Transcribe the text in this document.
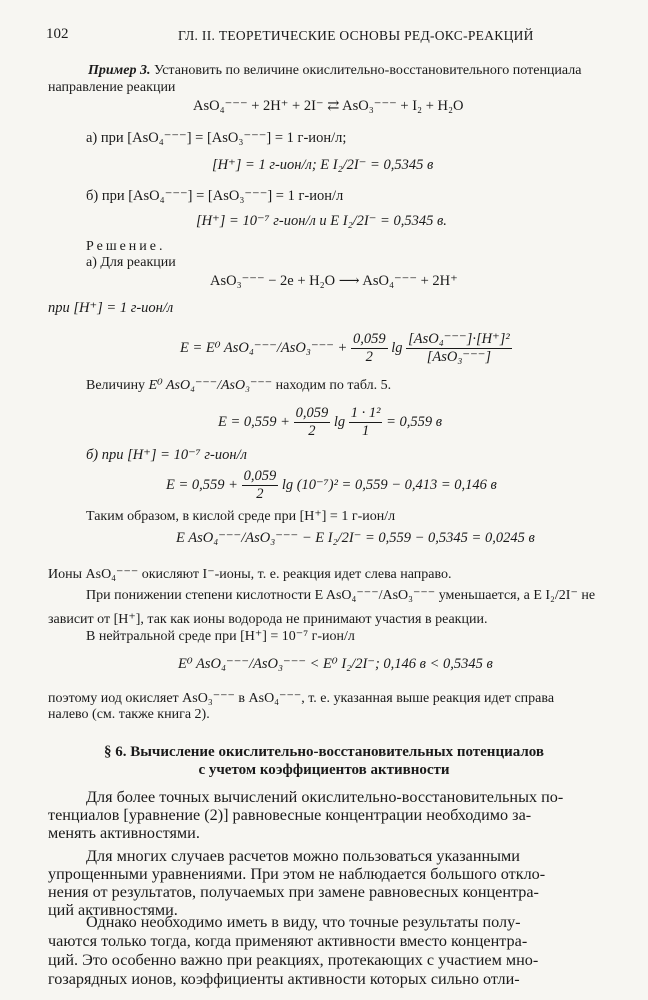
102	ГЛ. II. ТЕОРЕТИЧЕСКИЕ ОСНОВЫ РЕД-ОКС-РЕАКЦИЙ
Пример 3. Установить по величине окислительно-восстановительного потенциала
направление реакции
AsO₄⁻⁻⁻ + 2H⁺ + 2I⁻ ⇄ AsO₃⁻⁻⁻ + I₂ + H₂O
а) при [AsO₄⁻⁻⁻] = [AsO₃⁻⁻⁻] = 1 г-ион/л;
[H⁺] = 1 г-ион/л; E I₂/2I⁻ = 0,5345 в
б) при [AsO₄⁻⁻⁻] = [AsO₃⁻⁻⁻] = 1 г-ион/л
[H⁺] = 10⁻⁷ г-ион/л и E I₂/2I⁻ = 0,5345 в.
Решение.
а) Для реакции
AsO₃⁻⁻⁻ − 2e + H₂O ⟶ AsO₄⁻⁻⁻ + 2H⁺
при [H⁺] = 1 г-ион/л
E = E⁰ $AsO_4^{---}/AsO_3^{---} + \frac{0,059}{2}$ $\lg \frac{\text{[AsO₄⁻⁻⁻]·[H⁺]²}}{\text{[AsO₃⁻⁻⁻]}}$
Величину E⁰ AsO₄⁻⁻⁻/AsO₃⁻⁻⁻ находим по табл. 5.
$E = 0,559 + \frac{0,059}{2}$ $\lg \frac{\text{1 · 1²}}{1} = 0,559$ в
б) при [H⁺] = 10⁻⁷ г-ион/л
$E = 0,559 + \frac{0,059}{2}$ lg (10⁻⁷)² = 0,559 − 0,413 = 0,146 в
Таким образом, в кислой среде при [H⁺] = 1 г-ион/л
E AsO₄⁻⁻⁻/AsO₃⁻⁻⁻ − E I₂/2I⁻ = 0,559 − 0,5345 = 0,0245 в
Ионы AsO₄⁻⁻⁻ окисляют I⁻-ионы, т. е. реакция идет слева направо.
При понижении степени кислотности E AsO₄⁻⁻⁻/AsO₃⁻⁻⁻ уменьшается, а E I₂/2I⁻ не
зависит от [H⁺], так как ионы водорода не принимают участия в реакции.
В нейтральной среде при [H⁺] = 10⁻⁷ г-ион/л
E⁰ AsO₄⁻⁻⁻/AsO₃⁻⁻⁻ < E⁰ I₂/2I⁻; 0,146 в < 0,5345 в
поэтому иод окисляет AsO₃⁻⁻⁻ в AsO₄⁻⁻⁻, т. е. указанная выше реакция идет справа
налево (см. также книга 2).
§ 6. Вычисление окислительно-восстановительных потенциалов
с учетом коэффициентов активности
Для более точных вычислений окислительно-восстановительных по-
тенциалов [уравнение (2)] равновесные концентрации необходимо за-
менять активностями.
Для многих случаев расчетов можно пользоваться указанными
упрощенными уравнениями. При этом не наблюдается большого откло-
нения от результатов, получаемых при замене равновесных концентра-
ций активностями.
Однако необходимо иметь в виду, что точные результаты полу-
чаются только тогда, когда применяют активности вместо концентра-
ций. Это особенно важно при реакциях, протекающих с участием мно-
гозарядных ионов, коэффициенты активности которых сильно отли-
